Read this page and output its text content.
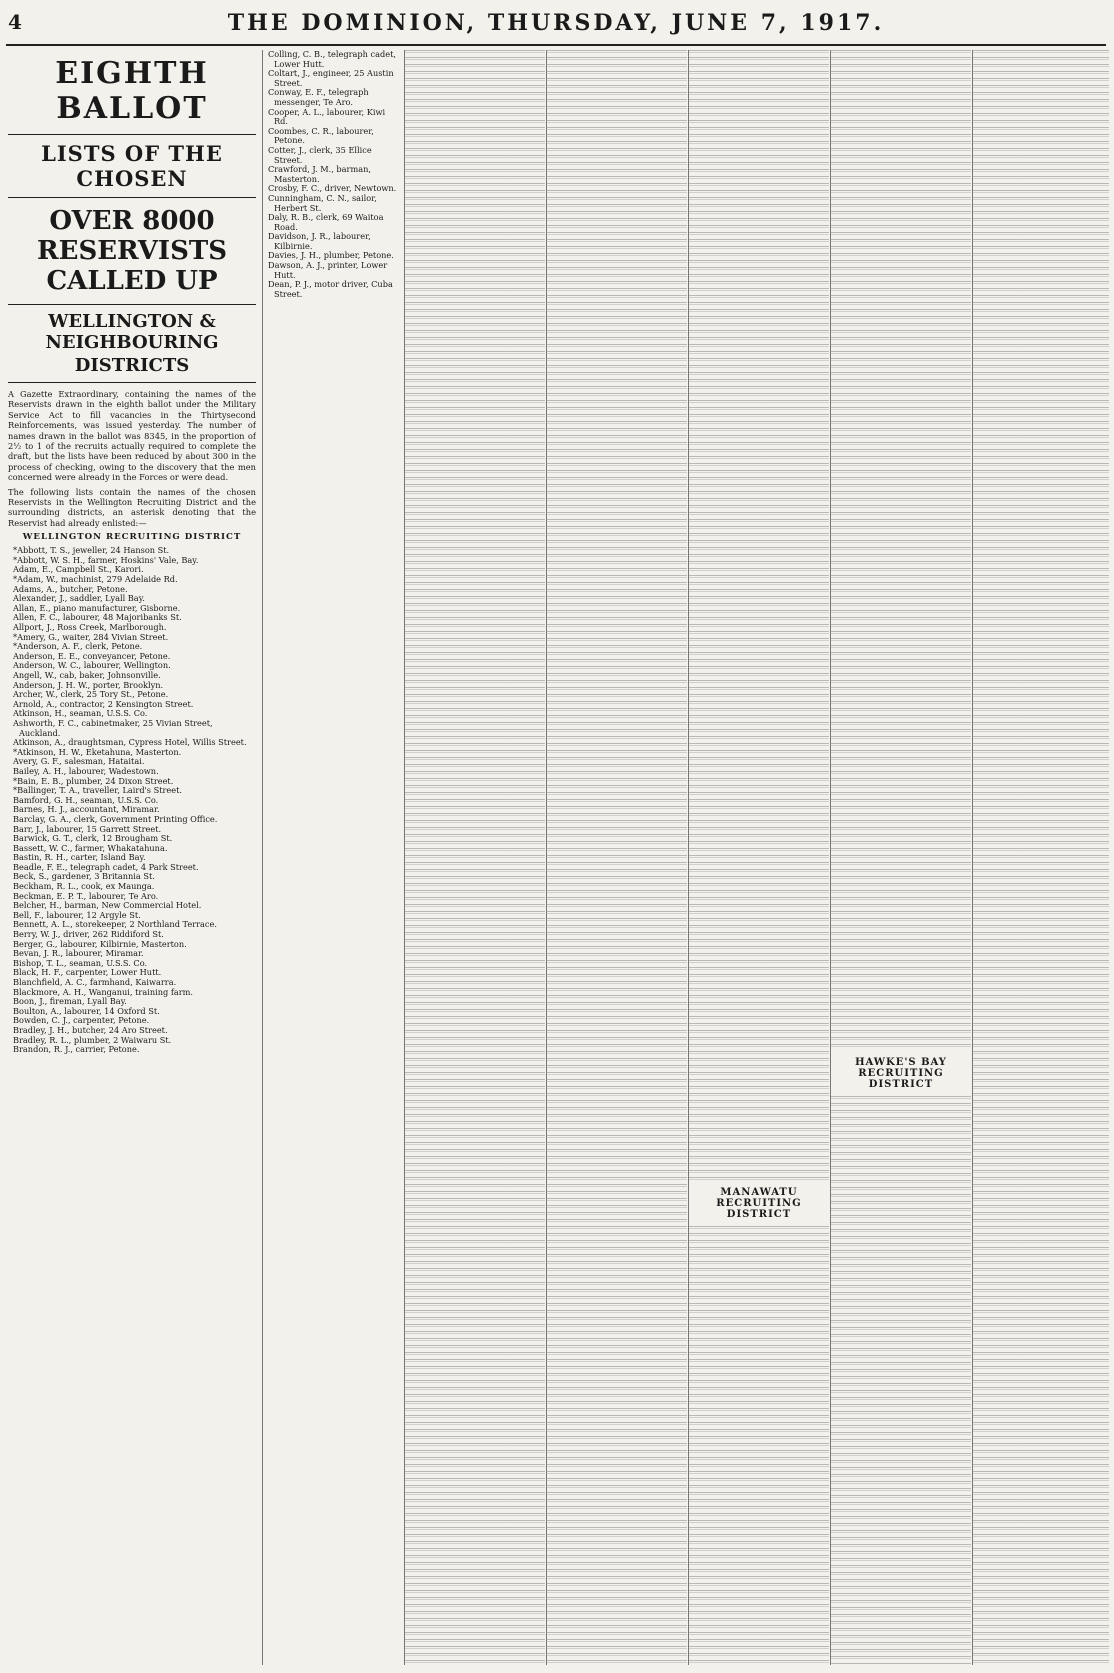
4	THE DOMINION, THURSDAY, JUNE 7, 1917.
EIGHTH BALLOT
LISTS OF THE CHOSEN
OVER 8000 RESERVISTS CALLED UP
WELLINGTON & NEIGHBOURING
DISTRICTS

A Gazette Extraordinary, containing the names of the Reservists drawn in the eighth ballot under the Military Service Act to fill vacancies in the Thirtysecond Reinforcements, was issued yesterday. The number of names drawn in the ballot was 8345, in the proportion of 2½ to 1 of the recruits actually required to complete the draft, but the lists have been reduced by about 300 in the process of checking, owing to the discovery that the men concerned were already in the Forces or were dead.

The following lists contain the names of the chosen Reservists in the Wellington Recruiting District and the surrounding districts, an asterisk denoting that the Reservist had already enlisted:—

WELLINGTON RECRUITING DISTRICT
*Abbott, T. S., jeweller, 24 Hanson St.
*Abbott, W. S. H., farmer, Hoskins' Vale, Bay.
Adam, E., Campbell St., Karori.
*Adam, W., machinist, 279 Adelaide Rd.
Adams, A., butcher, Petone.
Alexander, J., saddler, Lyall Bay.
Allan, E., piano manufacturer, Gisborne.
Allen, F. C., labourer, 48 Majoribanks St.
Allport, J., Ross Creek, Marlborough.
*Amery, G., waiter, 284 Vivian Street.
*Anderson, A. F., clerk, Petone.
Anderson, E. E., conveyancer, Petone.
Anderson, W. C., labourer, Wellington.
Angell, W., cab, baker, Johnsonville.
Anderson, J. H. W., porter, Brooklyn.
Archer, W., clerk, 25 Tory St., Petone.
Arnold, A., contractor, 2 Kensington Street.
Atkinson, H., seaman, U.S.S. Co.
Ashworth, F. C., cabinetmaker, 25 Vivian Street, Auckland.
Atkinson, A., draughtsman, Cypress Hotel, Willis Street.
*Atkinson, H. W., Eketahuna, Masterton.
Avery, G. F., salesman, Hataitai.
Bailey, A. H., labourer, Wadestown.
*Bain, E. B., plumber, 24 Dixon Street.
*Ballinger, T. A., traveller, Laird's Street.
Bamford, G. H., seaman, U.S.S. Co.
Barnes, H. J., accountant, Miramar.
Barclay, G. A., clerk, Government Printing Office.
Barr, J., labourer, 15 Garrett Street.
Barwick, G. T., clerk, 12 Brougham St.
Bassett, W. C., farmer, Whakatahuna.
Bastin, R. H., carter, Island Bay.
Beadle, F. E., telegraph cadet, 4 Park Street.
Beck, S., gardener, 3 Britannia St.
Beckham, R. L., cook, ex Maunga.
Beckman, E. P. T., labourer, Te Aro.
Belcher, H., barman, New Commercial Hotel.
Bell, F., labourer, 12 Argyle St.
Bennett, A. L., storekeeper, 2 Northland Terrace.
Berry, W. J., driver, 262 Riddiford St.
Berger, G., labourer, Kilbirnie, Masterton.
Bevan, J. R., labourer, Miramar.
Bishop, T. L., seaman, U.S.S. Co.
Black, H. F., carpenter, Lower Hutt.
Blanchfield, A. C., farmhand, Kaiwarra.
Blackmore, A. H., Wanganui, training farm.
Boon, J., fireman, Lyall Bay.
Boulton, A., labourer, 14 Oxford St.
Bowden, C. J., carpenter, Petone.
Bradley, J. H., butcher, 24 Aro Street.
Bradley, R. L., plumber, 2 Waiwaru St.
Brandon, R. J., carrier, Petone.
Colling, C. B., telegraph cadet, Lower Hutt.
Coltart, J., engineer, 25 Austin Street.
Conway, E. F., telegraph messenger, Te Aro.
Cooper, A. L., labourer, Kiwi Rd.
Coombes, C. R., labourer, Petone.
Cotter, J., clerk, 35 Ellice Street.
Crawford, J. M., barman, Masterton.
Crosby, F. C., driver, Newtown.
Cunningham, C. N., sailor, Herbert St.
Daly, R. B., clerk, 69 Waitoa Road.
Davidson, J. R., labourer, Kilbirnie.
Davies, J. H., plumber, Petone.
Dawson, A. J., printer, Lower Hutt.
Dean, P. J., motor driver, Cuba Street.
MANAWATU RECRUITING DISTRICT
HAWKE'S BAY RECRUITING DISTRICT
